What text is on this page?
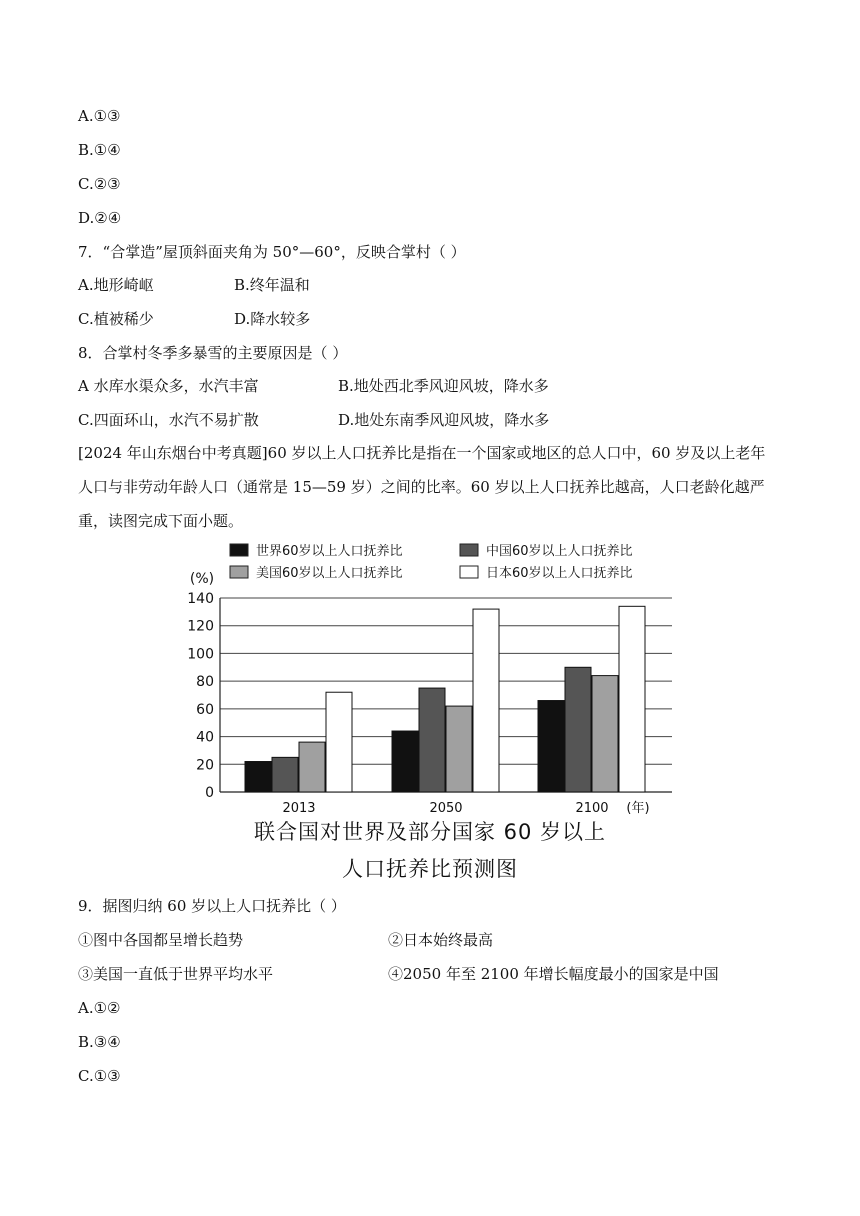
A.①③
B.①④
C.②③
D.②④
7．“合掌造”屋顶斜面夹角为 50°—60°，反映合掌村（ ）
A.地形崎岖	B.终年温和
C.植被稀少	D.降水较多
8．合掌村冬季多暴雪的主要原因是（ ）
A 水库水渠众多，水汽丰富	B.地处西北季风迎风坡，降水多
C.四面环山，水汽不易扩散	D.地处东南季风迎风坡，降水多
[2024 年山东烟台中考真题]60 岁以上人口抚养比是指在一个国家或地区的总人口中，60 岁及以上老年人口与非劳动年龄人口（通常是 15—59 岁）之间的比率。60 岁以上人口抚养比越高，人口老龄化越严重，读图完成下面小题。
0
20
40
60
80
100
120
140
(%)
世界60岁以上人口抚养比	中国60岁以上人口抚养比
美国60岁以上人口抚养比	日本60岁以上人口抚养比
2013	2050	2100 (年)
联合国对世界及部分国家 60 岁以上
人口抚养比预测图
9．据图归纳 60 岁以上人口抚养比（ ）
①图中各国都呈增长趋势	②日本始终最高
③美国一直低于世界平均水平	④2050 年至 2100 年增长幅度最小的国家是中国
A.①②
B.③④
C.①③
